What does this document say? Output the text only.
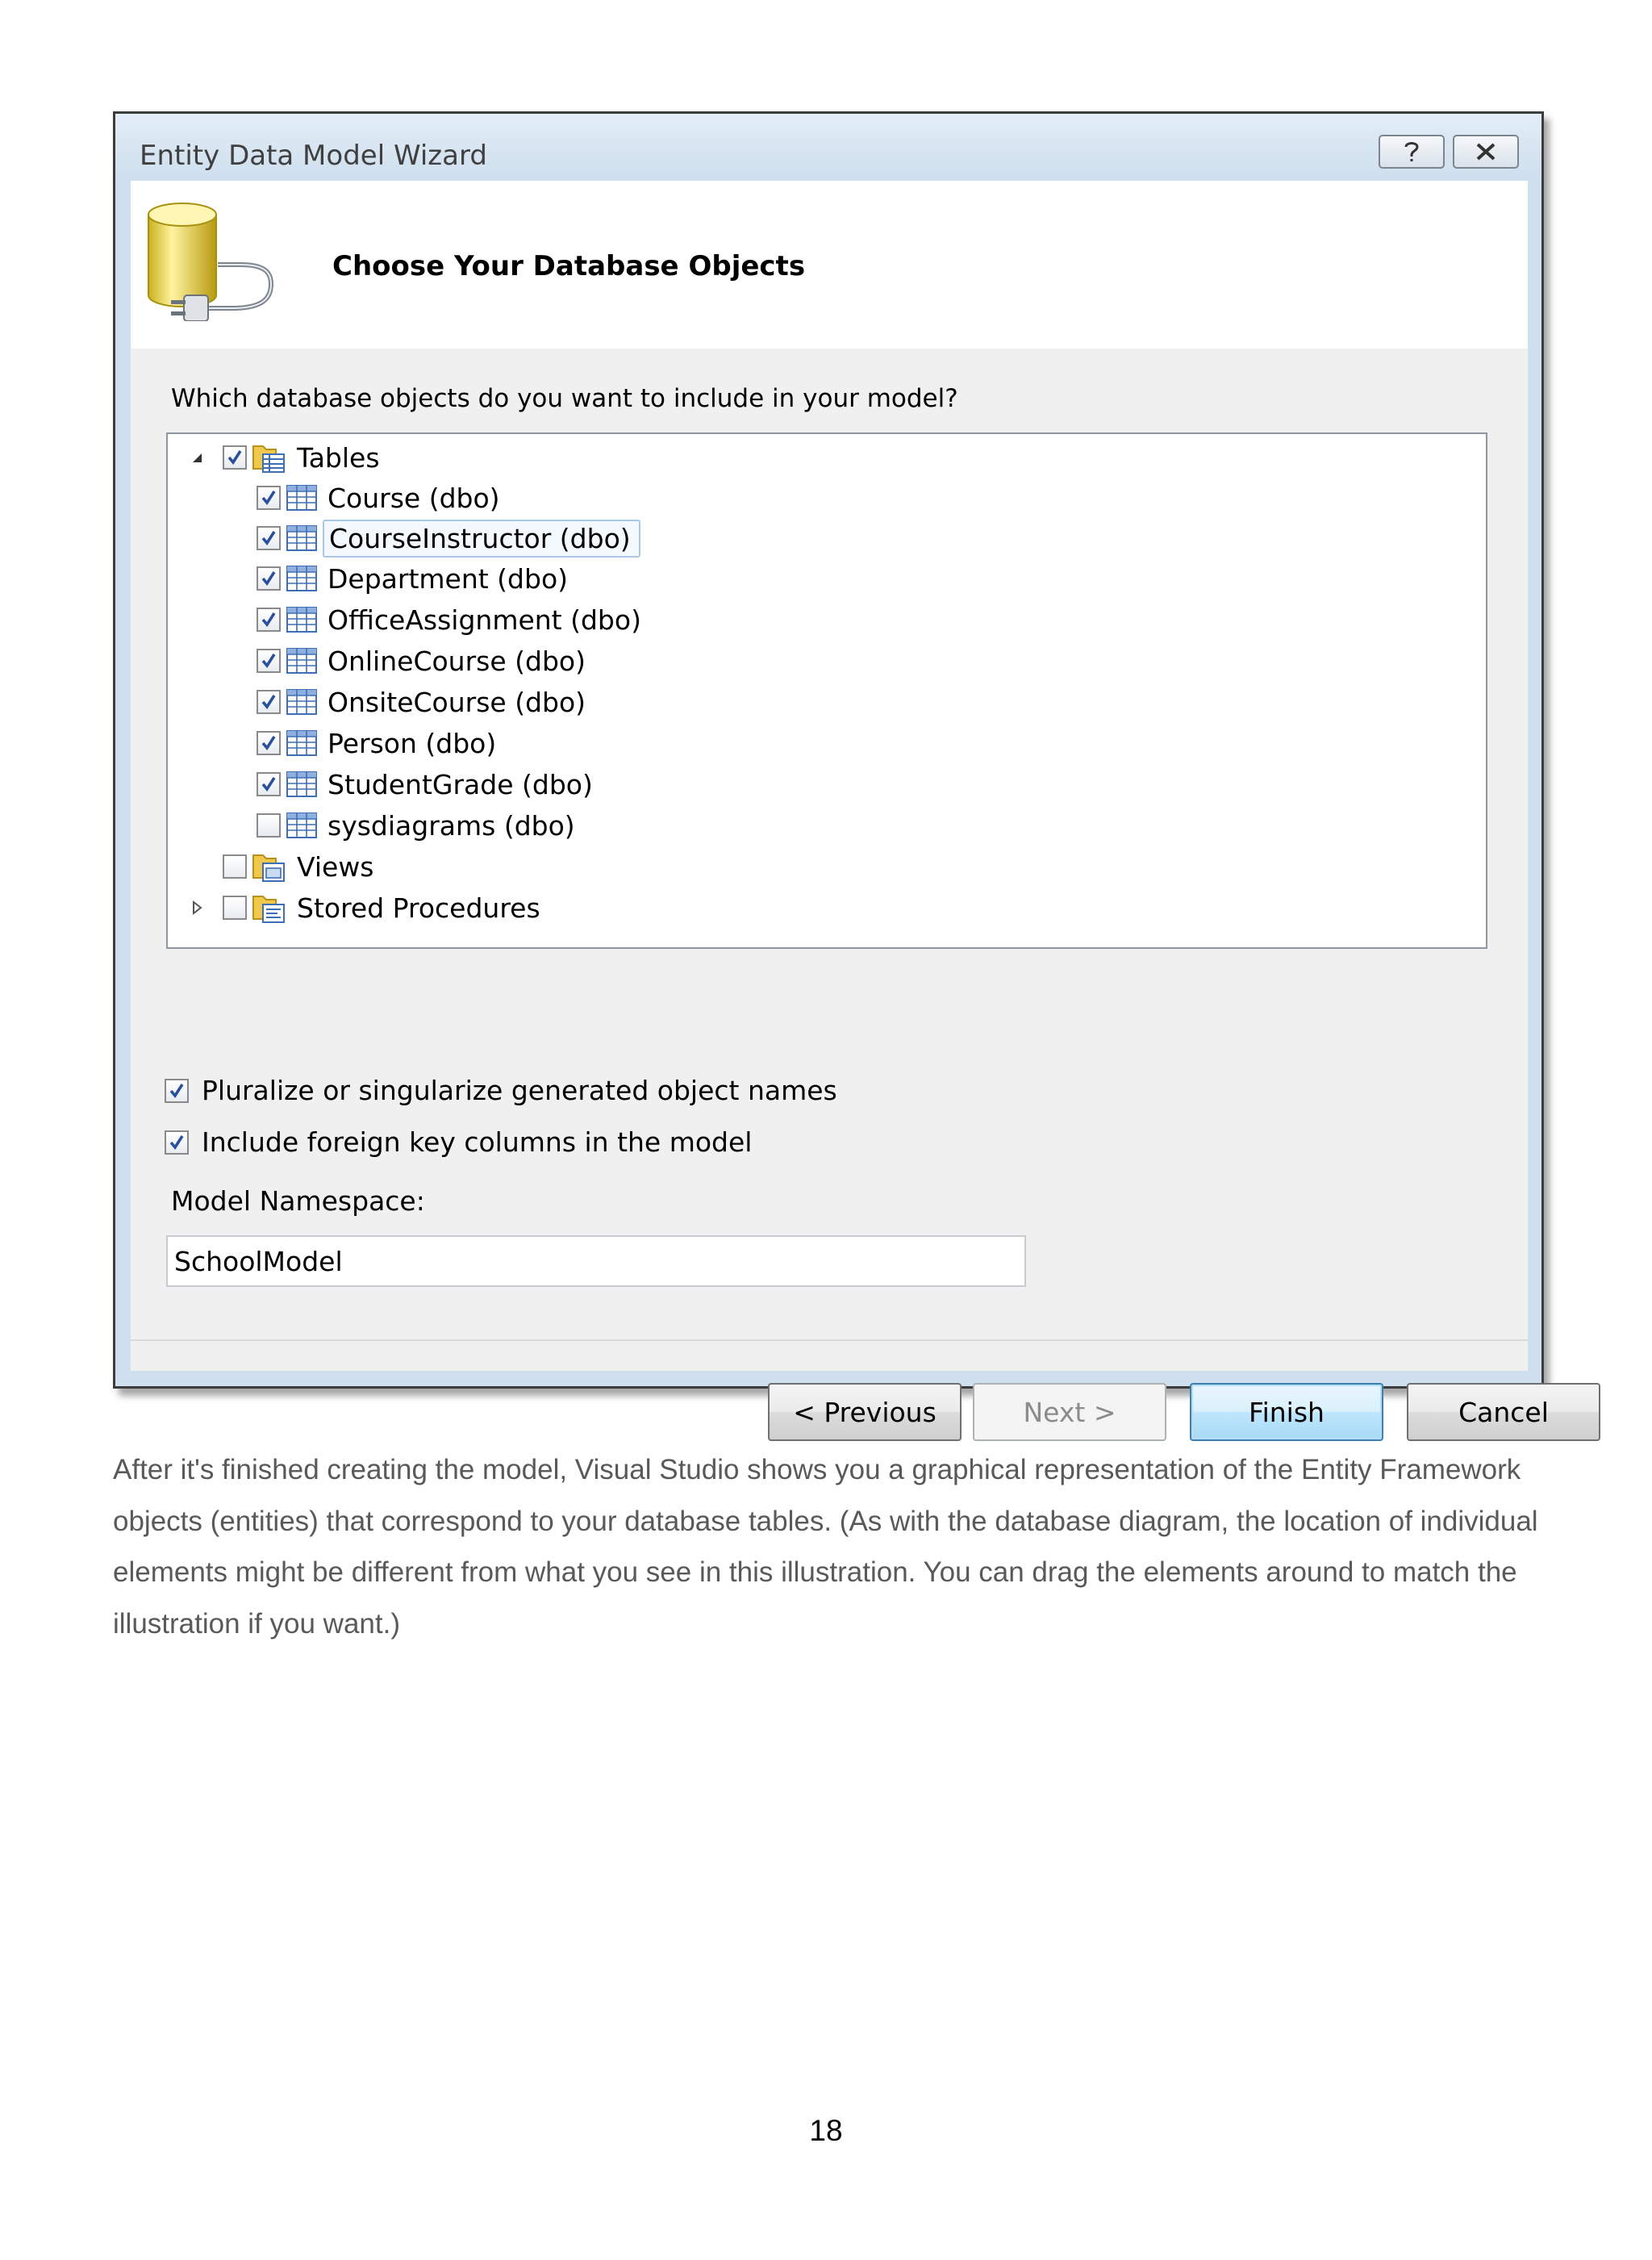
Entity Data Model Wizard
Choose Your Database Objects
Which database objects do you want to include in your model?
Tables
Course (dbo)
CourseInstructor (dbo)
Department (dbo)
OfficeAssignment (dbo)
OnlineCourse (dbo)
OnsiteCourse (dbo)
Person (dbo)
StudentGrade (dbo)
sysdiagrams (dbo)
Views
Stored Procedures
Pluralize or singularize generated object names
Include foreign key columns in the model
Model Namespace:
SchoolModel
< Previous	Next >	Finish	Cancel

After it's finished creating the model, Visual Studio shows you a graphical representation of the Entity Framework objects (entities) that correspond to your database tables. (As with the database diagram, the location of individual elements might be different from what you see in this illustration. You can drag the elements around to match the illustration if you want.)

18
